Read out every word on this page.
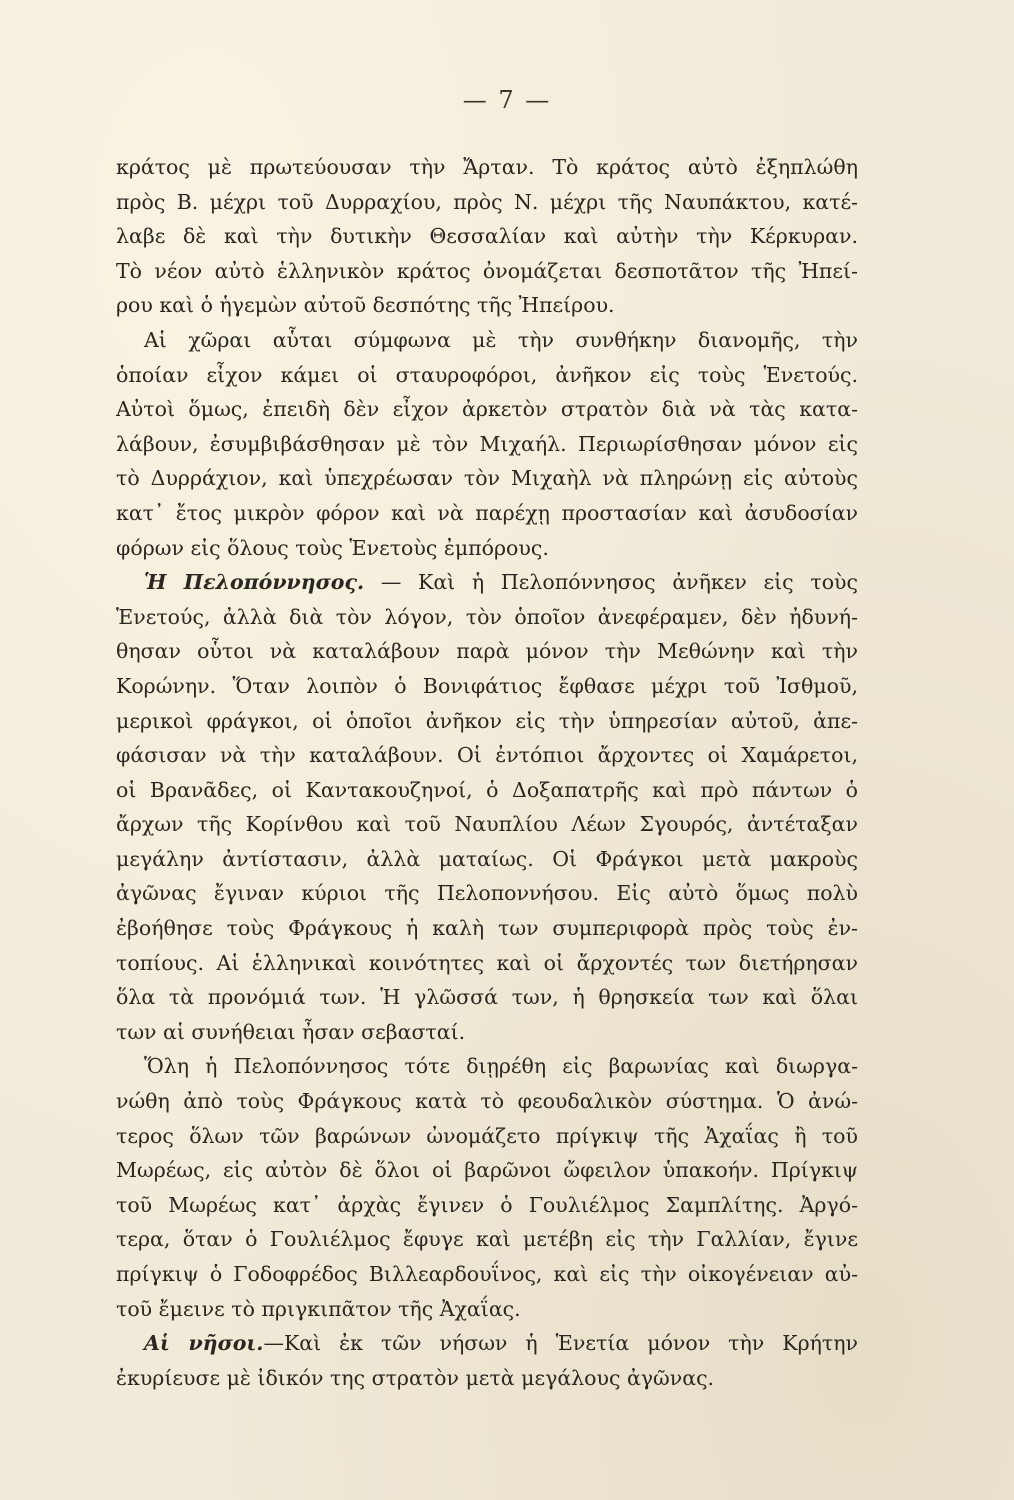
— 7 —
κράτος μὲ πρωτεύουσαν τὴν Ἄρταν. Τὸ κράτος αὐτὸ ἐξηπλώθη
πρὸς Β. μέχρι τοῦ Δυρραχίου, πρὸς Ν. μέχρι τῆς Ναυπάκτου, κατέ-
λαβε δὲ καὶ τὴν δυτικὴν Θεσσαλίαν καὶ αὐτὴν τὴν Κέρκυραν.
Τὸ νέον αὐτὸ ἑλληνικὸν κράτος ὀνομάζεται δεσποτᾶτον τῆς Ἠπεί-
ρου καὶ ὁ ἡγεμὼν αὐτοῦ δεσπότης τῆς Ἠπείρου.
Αἱ χῶραι αὗται σύμφωνα μὲ τὴν συνθήκην διανομῆς, τὴν
ὁποίαν εἶχον κάμει οἱ σταυροφόροι, ἀνῆκον εἰς τοὺς Ἑνετούς.
Αὐτοὶ ὅμως, ἐπειδὴ δὲν εἶχον ἀρκετὸν στρατὸν διὰ νὰ τὰς κατα-
λάβουν, ἐσυμβιβάσθησαν μὲ τὸν Μιχαήλ. Περιωρίσθησαν μόνον εἰς
τὸ Δυρράχιον, καὶ ὑπεχρέωσαν τὸν Μιχαὴλ νὰ πληρώνῃ εἰς αὐτοὺς
κατ᾿ ἔτος μικρὸν φόρον καὶ νὰ παρέχῃ προστασίαν καὶ ἀσυδοσίαν
φόρων εἰς ὅλους τοὺς Ἑνετοὺς ἐμπόρους.
Ἡ Πελοπόννησος. — Καὶ ἡ Πελοπόννησος ἀνῆκεν εἰς τοὺς
Ἑνετούς, ἀλλὰ διὰ τὸν λόγον, τὸν ὁποῖον ἀνεφέραμεν, δὲν ἠδυνή-
θησαν οὗτοι νὰ καταλάβουν παρὰ μόνον τὴν Μεθώνην καὶ τὴν
Κορώνην. Ὅταν λοιπὸν ὁ Βονιφάτιος ἔφθασε μέχρι τοῦ Ἰσθμοῦ,
μερικοὶ φράγκοι, οἱ ὁποῖοι ἀνῆκον εἰς τὴν ὑπηρεσίαν αὐτοῦ, ἀπε-
φάσισαν νὰ τὴν καταλάβουν. Οἱ ἐντόπιοι ἄρχοντες οἱ Χαμάρετοι,
οἱ Βρανᾶδες, οἱ Καντακουζηνοί, ὁ Δοξαπατρῆς καὶ πρὸ πάντων ὁ
ἄρχων τῆς Κορίνθου καὶ τοῦ Ναυπλίου Λέων Σγουρός, ἀντέταξαν
μεγάλην ἀντίστασιν, ἀλλὰ ματαίως. Οἱ Φράγκοι μετὰ μακροὺς
ἀγῶνας ἔγιναν κύριοι τῆς Πελοποννήσου. Εἰς αὐτὸ ὅμως πολὺ
ἐβοήθησε τοὺς Φράγκους ἡ καλὴ των συμπεριφορὰ πρὸς τοὺς ἐν-
τοπίους. Αἱ ἑλληνικαὶ κοινότητες καὶ οἱ ἄρχοντές των διετήρησαν
ὅλα τὰ προνόμιά των. Ἡ γλῶσσά των, ἡ θρησκεία των καὶ ὅλαι
των αἱ συνήθειαι ἦσαν σεβασταί.
Ὅλη ἡ Πελοπόννησος τότε διῃρέθη εἰς βαρωνίας καὶ διωργα-
νώθη ἀπὸ τοὺς Φράγκους κατὰ τὸ φεουδαλικὸν σύστημα. Ὁ ἀνώ-
τερος ὅλων τῶν βαρώνων ὠνομάζετο πρίγκιψ τῆς Ἀχαΐας ἢ τοῦ
Μωρέως, εἰς αὐτὸν δὲ ὅλοι οἱ βαρῶνοι ὤφειλον ὑπακοήν. Πρίγκιψ
τοῦ Μωρέως κατ᾿ ἀρχὰς ἔγινεν ὁ Γουλιέλμος Σαμπλίτης. Ἀργό-
τερα, ὅταν ὁ Γουλιέλμος ἔφυγε καὶ μετέβη εἰς τὴν Γαλλίαν, ἔγινε
πρίγκιψ ὁ Γοδοφρέδος Βιλλεαρδουΐνος, καὶ εἰς τὴν οἰκογένειαν αὐ-
τοῦ ἔμεινε τὸ πριγκιπᾶτον τῆς Ἀχαΐας.
Αἱ νῆσοι.—Καὶ ἐκ τῶν νήσων ἡ Ἑνετία μόνον τὴν Κρήτην
ἐκυρίευσε μὲ ἰδικόν της στρατὸν μετὰ μεγάλους ἀγῶνας.
